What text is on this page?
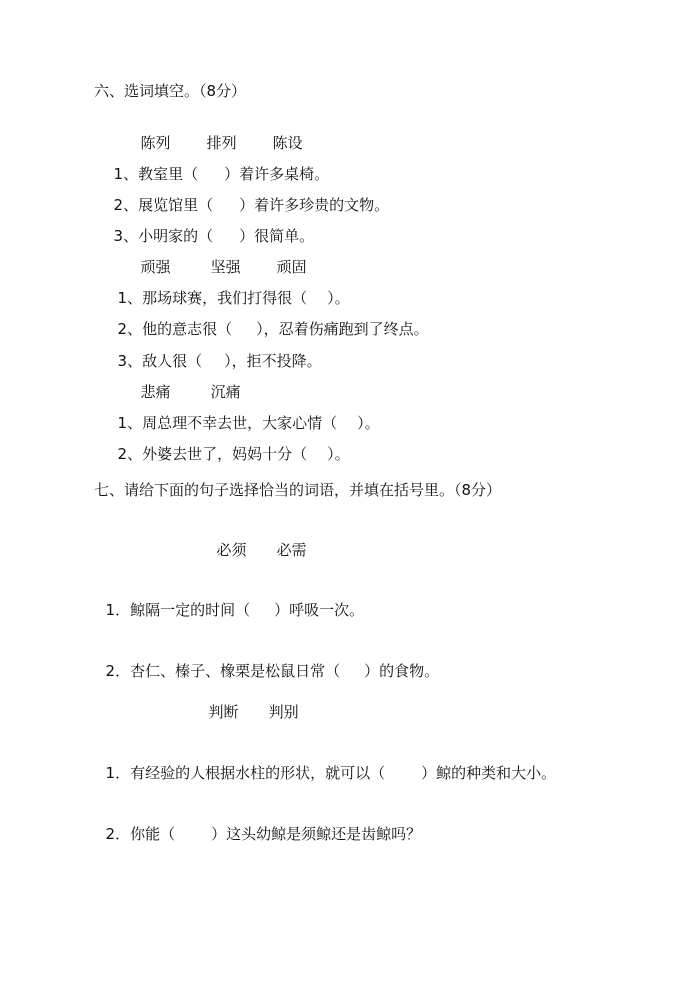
六、选词填空。（8分）

陈列 排列 陈设

1、教室里（ ）着许多桌椅。

2、展览馆里（ ）着许多珍贵的文物。

3、小明家的（ ）很简单。

顽强	坚强 顽固

1、那场球赛，我们打得很（ ）。

2、他的意志很（ ），忍着伤痛跑到了终点。

3、敌人很（ ），拒不投降。

悲痛	沉痛

1、周总理不幸去世，大家心情（ ）。

2、外婆去世了，妈妈十分（ ）。

七、请给下面的句子选择恰当的词语，并填在括号里。（8分）

必须 必需

1．鲸隔一定的时间（ ）呼吸一次。

2．杏仁、榛子、橡栗是松鼠日常（ ）的食物。

判断 判别

1．有经验的人根据水柱的形状，就可以（ ）鲸的种类和大小。

2．你能（ ）这头幼鲸是须鲸还是齿鲸吗？
